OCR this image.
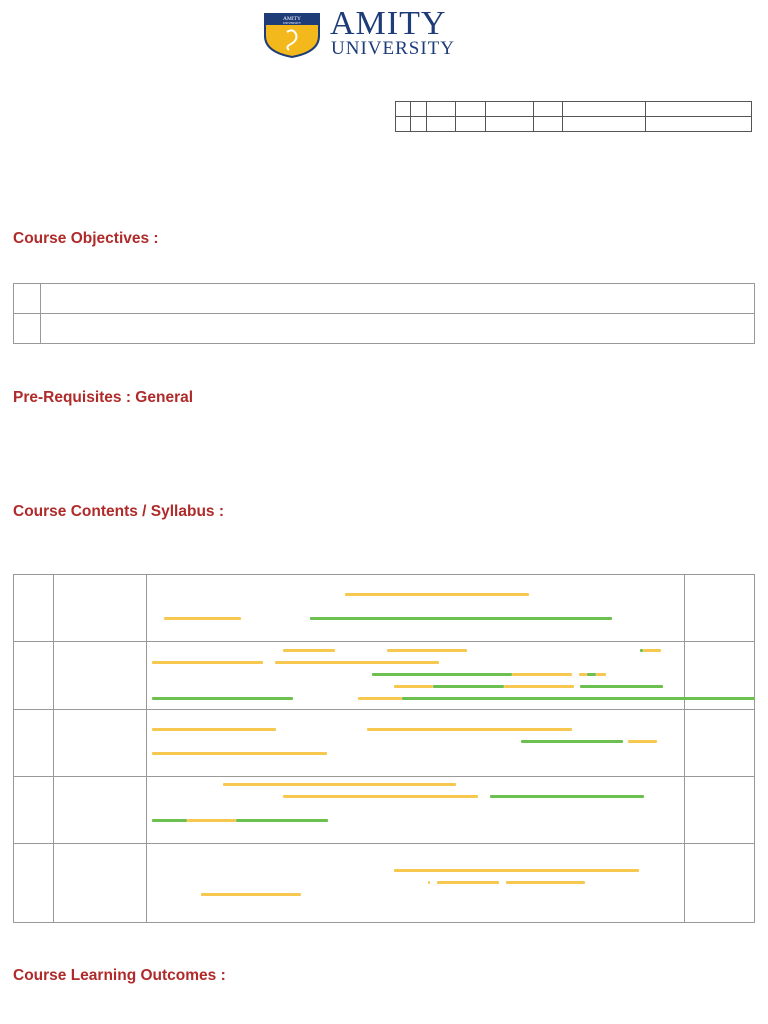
AMITY
UNIVERSITY AMITY
UNIVERSITY

Course Objectives :

Pre-Requisites : General
Course Contents / Syllabus :

Course Learning Outcomes :
